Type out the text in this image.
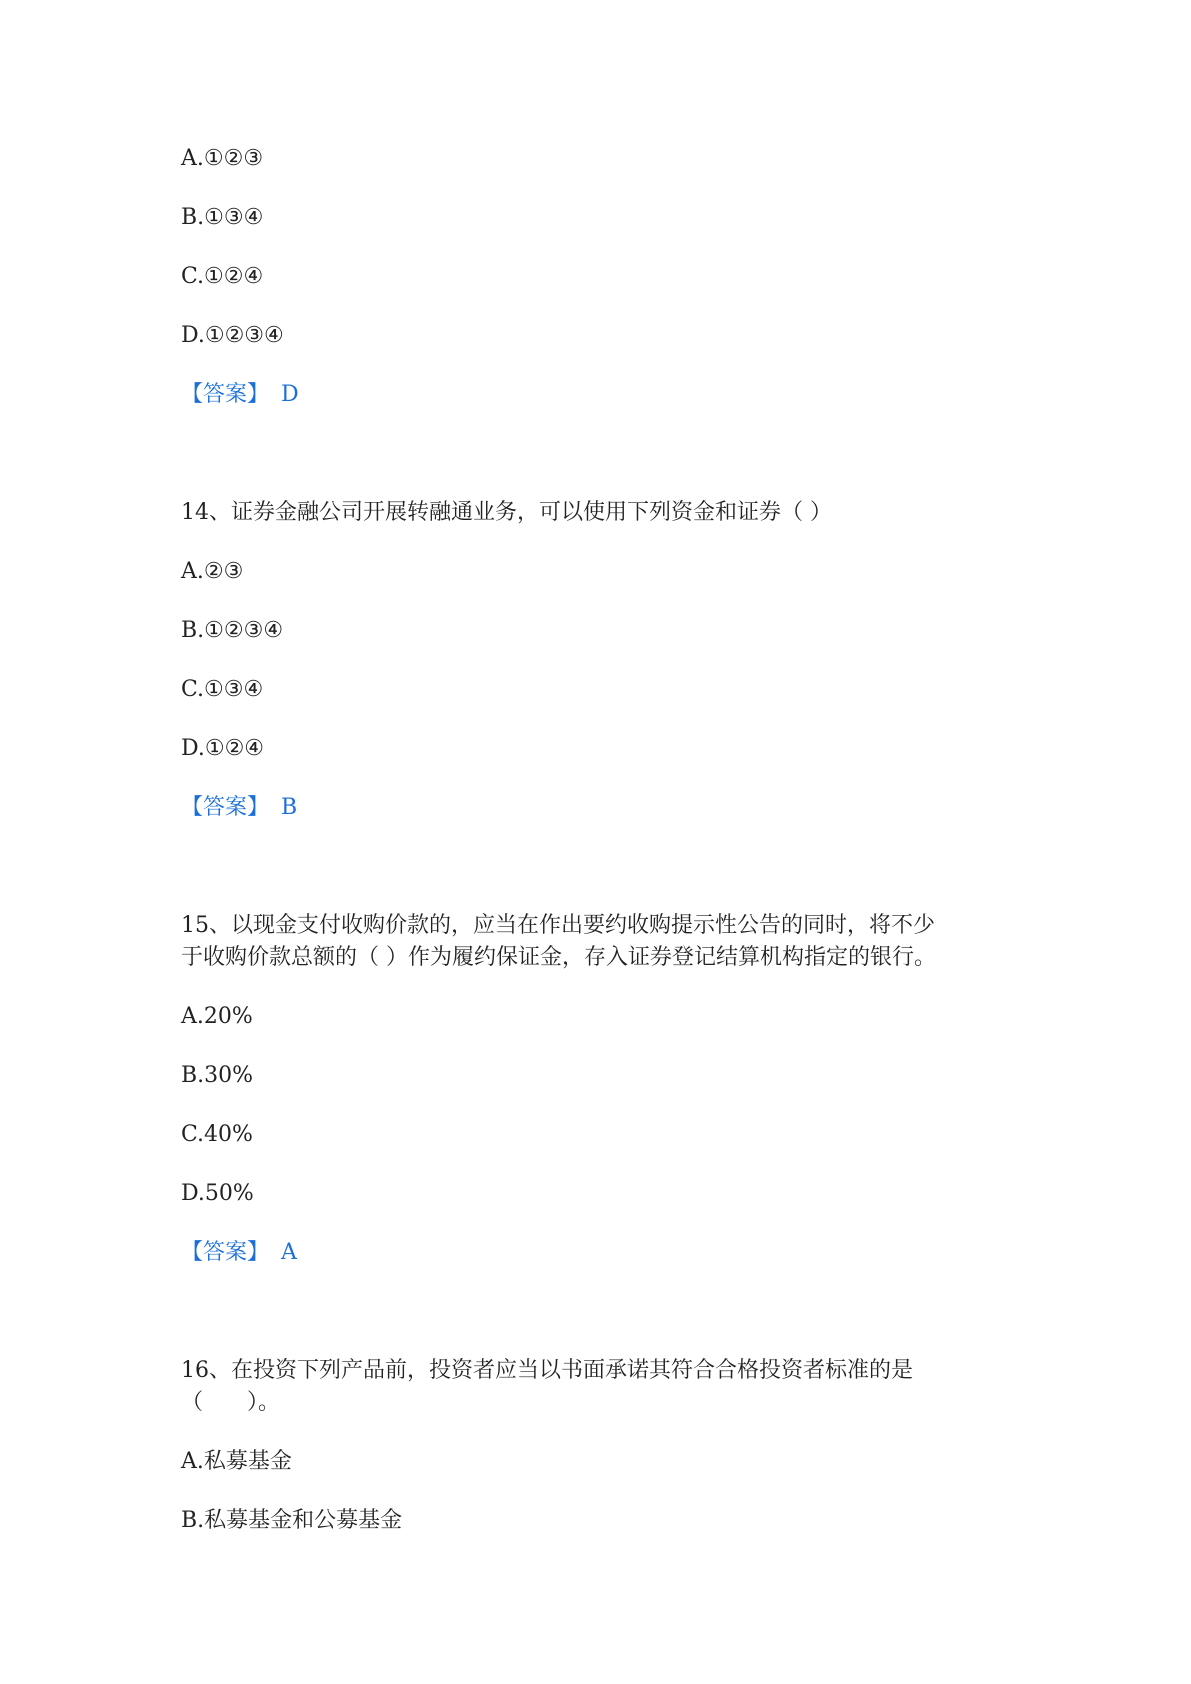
A.①②③

B.①③④

C.①②④

D.①②③④

【答案】 D

14、证券金融公司开展转融通业务，可以使用下列资金和证券（ ）

A.②③

B.①②③④

C.①③④

D.①②④

【答案】 B

15、以现金支付收购价款的，应当在作出要约收购提示性公告的同时，将不少

于收购价款总额的（ ）作为履约保证金，存入证券登记结算机构指定的银行。

A.20%

B.30%

C.40%

D.50%

【答案】 A

16、在投资下列产品前，投资者应当以书面承诺其符合合格投资者标准的是

（　　）。

A.私募基金

B.私募基金和公募基金
